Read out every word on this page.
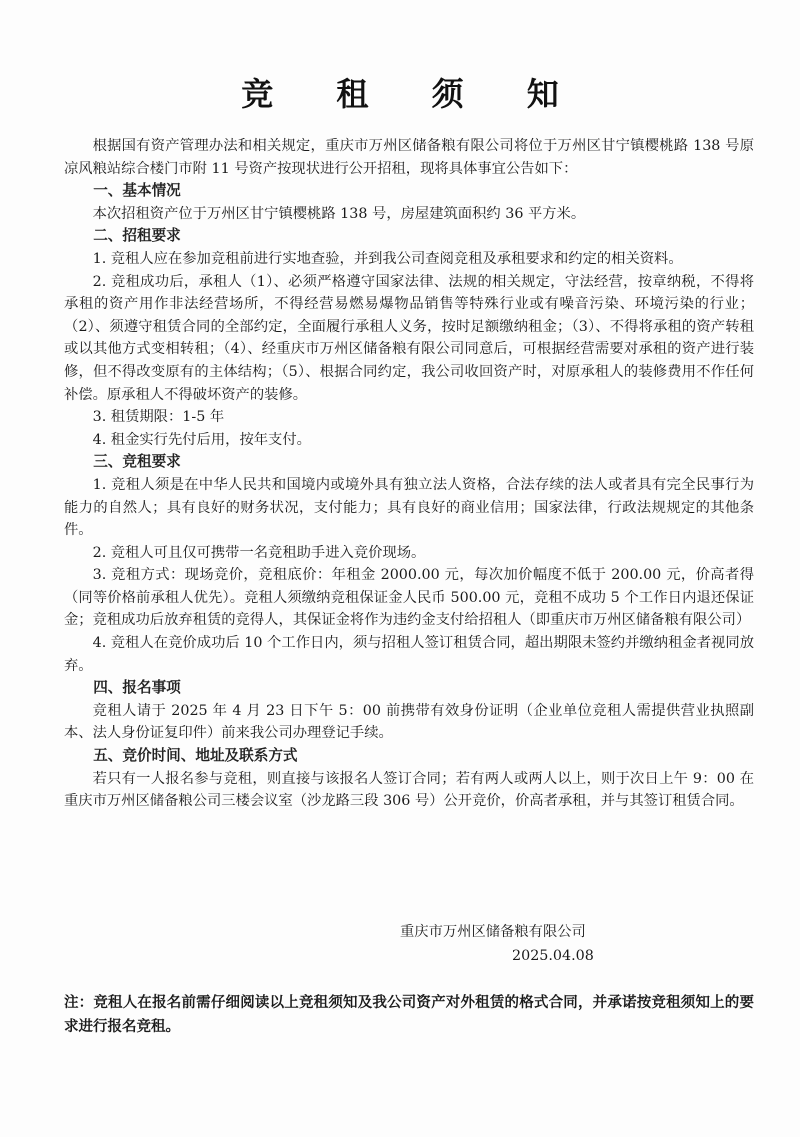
竞 租 须 知

根据国有资产管理办法和相关规定，重庆市万州区储备粮有限公司将位于万州区甘宁镇樱桃路 138 号原凉风粮站综合楼门市附 11 号资产按现状进行公开招租，现将具体事宜公告如下：

一、基本情况

本次招租资产位于万州区甘宁镇樱桃路 138 号，房屋建筑面积约 36 平方米。

二、招租要求

1. 竞租人应在参加竞租前进行实地查验，并到我公司查阅竞租及承租要求和约定的相关资料。

2. 竞租成功后，承租人（1）、必须严格遵守国家法律、法规的相关规定，守法经营，按章纳税，不得将承租的资产用作非法经营场所，不得经营易燃易爆物品销售等特殊行业或有噪音污染、环境污染的行业；（2）、须遵守租赁合同的全部约定，全面履行承租人义务，按时足额缴纳租金；（3）、不得将承租的资产转租或以其他方式变相转租；（4）、经重庆市万州区储备粮有限公司同意后，可根据经营需要对承租的资产进行装修，但不得改变原有的主体结构；（5）、根据合同约定，我公司收回资产时，对原承租人的装修费用不作任何补偿。原承租人不得破坏资产的装修。

3. 租赁期限：1-5 年

4. 租金实行先付后用，按年支付。

三、竞租要求

1. 竞租人须是在中华人民共和国境内或境外具有独立法人资格，合法存续的法人或者具有完全民事行为能力的自然人；具有良好的财务状况，支付能力；具有良好的商业信用；国家法律，行政法规规定的其他条件。

2. 竞租人可且仅可携带一名竞租助手进入竞价现场。

3. 竞租方式：现场竞价，竞租底价：年租金 2000.00 元，每次加价幅度不低于 200.00 元，价高者得（同等价格前承租人优先）。竞租人须缴纳竞租保证金人民币 500.00 元，竞租不成功 5 个工作日内退还保证金；竞租成功后放弃租赁的竞得人，其保证金将作为违约金支付给招租人（即重庆市万州区储备粮有限公司）

4. 竞租人在竞价成功后 10 个工作日内，须与招租人签订租赁合同，超出期限未签约并缴纳租金者视同放弃。

四、报名事项

竞租人请于 2025 年 4 月 23 日下午 5：00 前携带有效身份证明（企业单位竞租人需提供营业执照副本、法人身份证复印件）前来我公司办理登记手续。

五、竞价时间、地址及联系方式

若只有一人报名参与竞租，则直接与该报名人签订合同；若有两人或两人以上，则于次日上午 9：00 在重庆市万州区储备粮公司三楼会议室（沙龙路三段 306 号）公开竞价，价高者承租，并与其签订租赁合同。

重庆市万州区储备粮有限公司
2025.04.08
注：竞租人在报名前需仔细阅读以上竞租须知及我公司资产对外租赁的格式合同，并承诺按竞租须知上的要求进行报名竞租。
